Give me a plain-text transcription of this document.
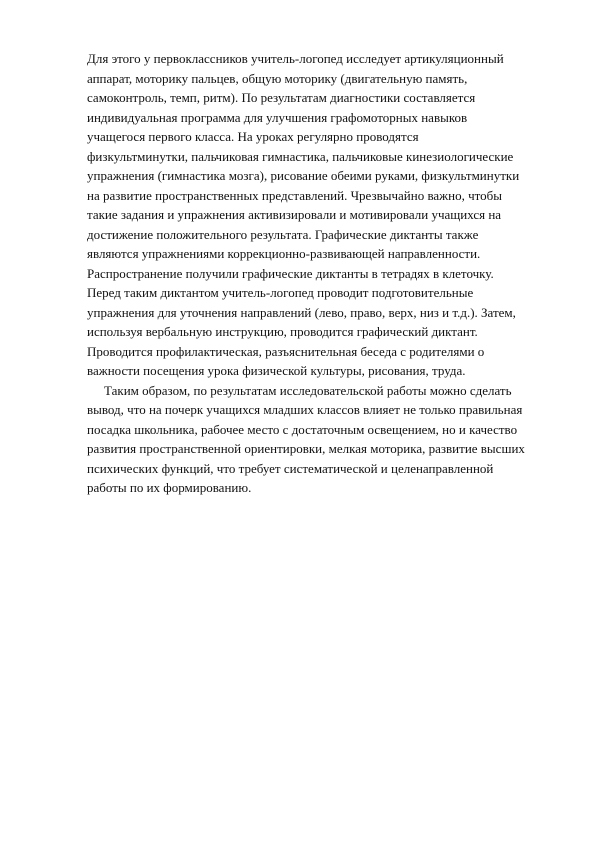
Для этого у первоклассников учитель-логопед исследует артикуляционный
аппарат, моторику пальцев, общую моторику (двигательную память,
самоконтроль, темп, ритм). По результатам диагностики составляется
индивидуальная программа для улучшения графомоторных навыков
учащегося первого класса. На уроках регулярно проводятся
физкультминутки, пальчиковая гимнастика, пальчиковые кинезиологические
упражнения (гимнастика мозга), рисование обеими руками, физкультминутки
на развитие пространственных представлений. Чрезвычайно важно, чтобы
такие задания и упражнения активизировали и мотивировали учащихся на
достижение положительного результата. Графические диктанты также
являются упражнениями коррекционно-развивающей направленности.
Распространение получили графические диктанты в тетрадях в клеточку.
Перед таким диктантом учитель-логопед проводит подготовительные
упражнения для уточнения направлений (лево, право, верх, низ и т.д.). Затем,
используя вербальную инструкцию, проводится графический диктант.
Проводится профилактическая, разъяснительная беседа с родителями о
важности посещения урока физической культуры, рисования, труда.
Таким образом, по результатам исследовательской работы можно сделать
вывод, что на почерк учащихся младших классов влияет не только правильная
посадка школьника, рабочее место с достаточным освещением, но и качество
развития пространственной ориентировки, мелкая моторика, развитие высших
психических функций, что требует систематической и целенаправленной
работы по их формированию.
